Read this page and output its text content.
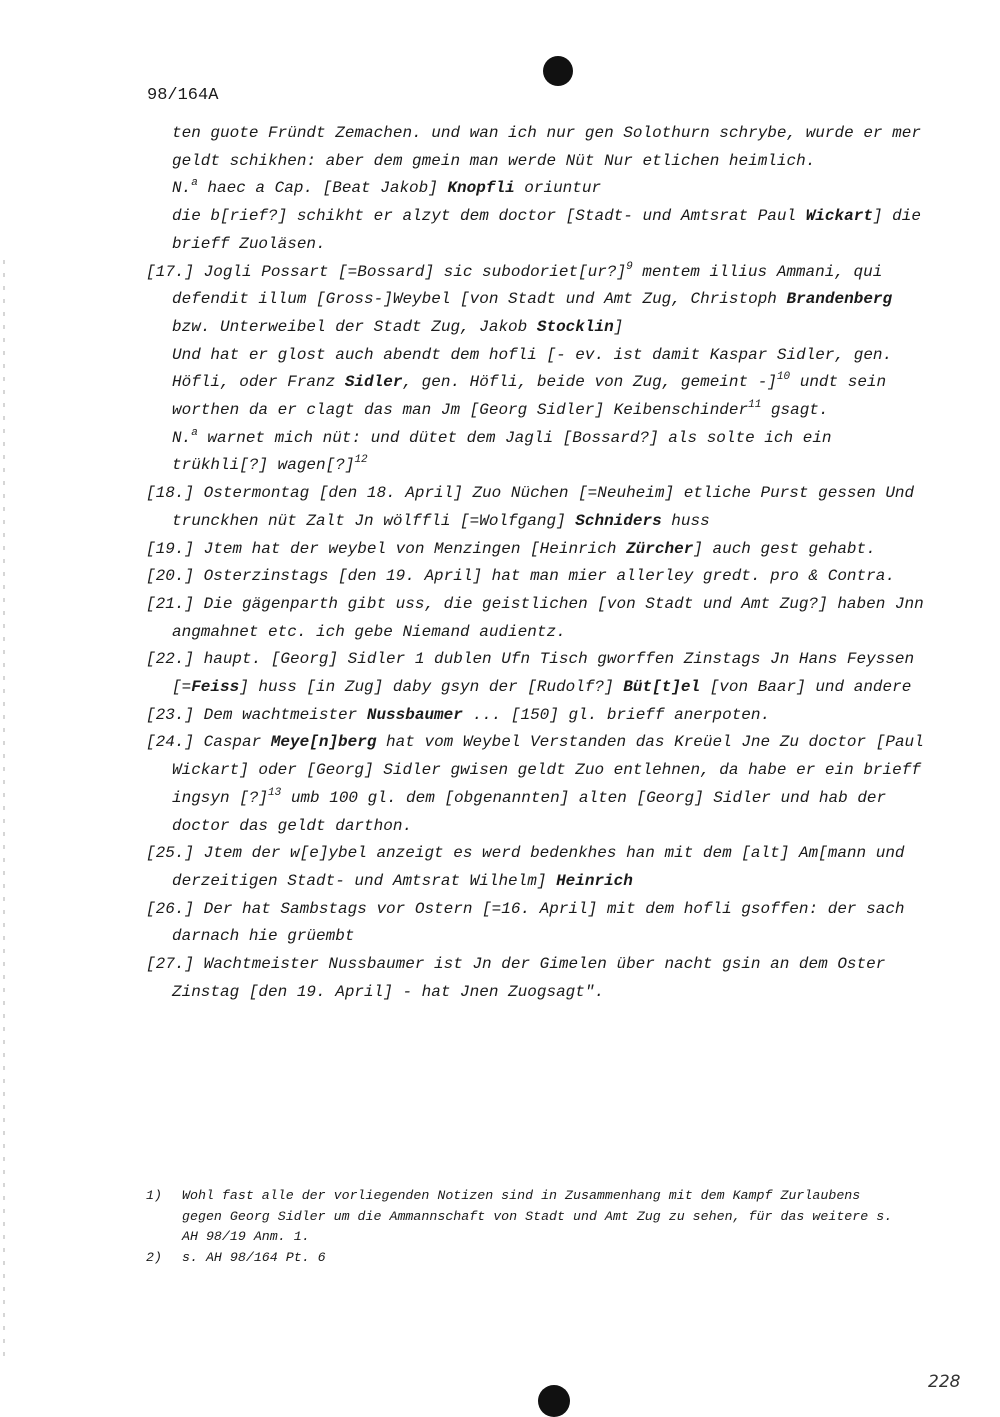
98/164A

ten guote Fründt Zemachen. und wan ich nur gen Solothurn schrybe, wurde er mer geldt schikhen: aber dem gmein man werde Nüt Nur etlichen heimlich.

N.$^a$ haec a Cap. [Beat Jakob] Knopfli oriuntur

die b[rief?] schikht er alzyt dem doctor [Stadt- und Amtsrat Paul Wickart] die brieff Zuoläsen.

[17.] Jogli Possart [=Bossard] sic subodoriet[ur?]$^9$ mentem illius Ammani, qui defendit illum [Gross-]Weybel [von Stadt und Amt Zug, Christoph Brandenberg bzw. Unterweibel der Stadt Zug, Jakob Stocklin]

Und hat er glost auch abendt dem hofli [- ev. ist damit Kaspar Sidler, gen. Höfli, oder Franz Sidler, gen. Höfli, beide von Zug, gemeint -]$^{10}$ undt sein worthen da er clagt das man Jm [Georg Sidler] Keibenschinder$^{11}$ gsagt.

N.$^a$ warnet mich nüt: und dütet dem Jagli [Bossard?] als solte ich ein trükhli[?] wagen[?]$^{12}$

[18.] Ostermontag [den 18. April] Zuo Nüchen [=Neuheim] etliche Purst gessen Und trunckhen nüt Zalt Jn wölffli [=Wolfgang] Schniders huss

[19.] Jtem hat der weybel von Menzingen [Heinrich Zürcher] auch gest gehabt.

[20.] Osterzinstags [den 19. April] hat man mier allerley gredt. pro & Contra.

[21.] Die gägenparth gibt uss, die geistlichen [von Stadt und Amt Zug?] haben Jnn angmahnet etc. ich gebe Niemand audientz.

[22.] haupt. [Georg] Sidler 1 dublen Ufn Tisch gworffen Zinstags Jn Hans Feyssen [=Feiss] huss [in Zug] daby gsyn der [Rudolf?] Büt[t]el [von Baar] und andere

[23.] Dem wachtmeister Nussbaumer ... [150] gl. brieff anerpoten.

[24.] Caspar Meye[n]berg hat vom Weybel Verstanden das Kreüel Jne Zu doctor [Paul Wickart] oder [Georg] Sidler gwisen geldt Zuo entlehnen, da habe er ein brieff ingsyn [?]$^{13}$ umb 100 gl. dem [obgenannten] alten [Georg] Sidler und hab der doctor das geldt darthon.

[25.] Jtem der w[e]ybel anzeigt es werd bedenkhes han mit dem [alt] Am[mann und derzeitigen Stadt- und Amtsrat Wilhelm] Heinrich

[26.] Der hat Sambstags vor Ostern [=16. April] mit dem hofli gsoffen: der sach darnach hie grüembt

[27.] Wachtmeister Nussbaumer ist Jn der Gimelen über nacht gsin an dem Oster Zinstag [den 19. April] - hat Jnen Zuogsagt".

1)	Wohl fast alle der vorliegenden Notizen sind in Zusammenhang mit dem Kampf Zurlaubens gegen Georg Sidler um die Ammannschaft von Stadt und Amt Zug zu sehen, für das weitere s. AH 98/19 Anm. 1.
2)	s. AH 98/164 Pt. 6
228
